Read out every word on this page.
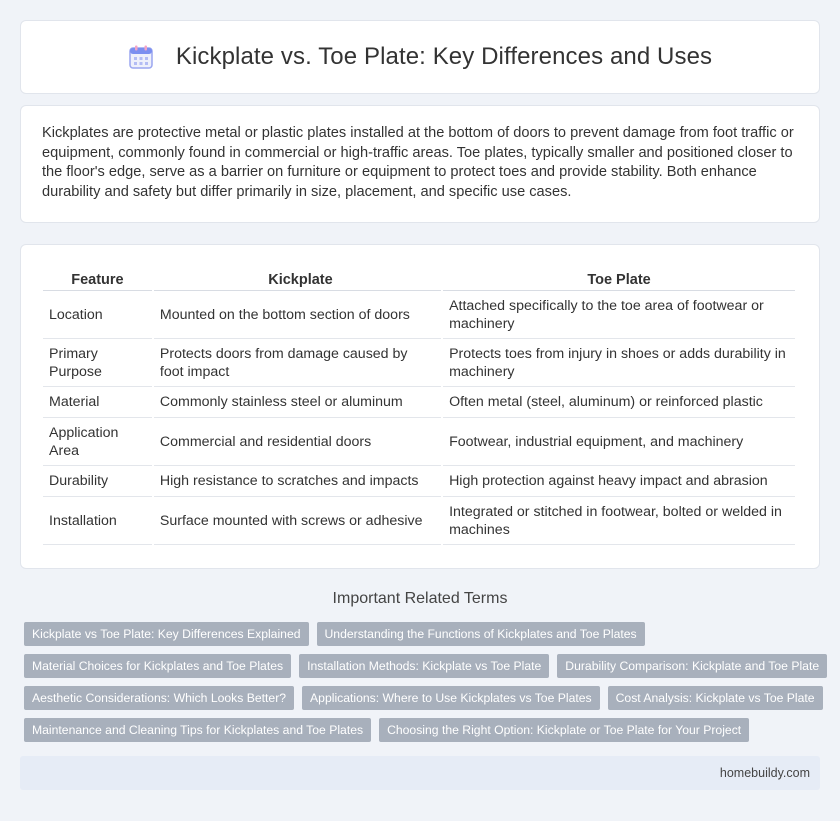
Kickplate vs. Toe Plate: Key Differences and Uses

Kickplates are protective metal or plastic plates installed at the bottom of doors to prevent damage from foot traffic or equipment, commonly found in commercial or high-traffic areas. Toe plates, typically smaller and positioned closer to the floor's edge, serve as a barrier on furniture or equipment to protect toes and provide stability. Both enhance durability and safety but differ primarily in size, placement, and specific use cases.

Feature	Kickplate	Toe Plate
Location	Mounted on the bottom section of doors	Attached specifically to the toe area of footwear or machinery
Primary Purpose	Protects doors from damage caused by foot impact	Protects toes from injury in shoes or adds durability in machinery
Material	Commonly stainless steel or aluminum	Often metal (steel, aluminum) or reinforced plastic
Application Area	Commercial and residential doors	Footwear, industrial equipment, and machinery
Durability	High resistance to scratches and impacts	High protection against heavy impact and abrasion
Installation	Surface mounted with screws or adhesive	Integrated or stitched in footwear, bolted or welded in machines
Important Related Terms
Kickplate vs Toe Plate: Key Differences Explained	Understanding the Functions of Kickplates and Toe Plates
Material Choices for Kickplates and Toe Plates	Installation Methods: Kickplate vs Toe Plate	Durability Comparison: Kickplate and Toe Plate
Aesthetic Considerations: Which Looks Better?	Applications: Where to Use Kickplates vs Toe Plates	Cost Analysis: Kickplate vs Toe Plate
Maintenance and Cleaning Tips for Kickplates and Toe Plates	Choosing the Right Option: Kickplate or Toe Plate for Your Project
homebuildy.com
